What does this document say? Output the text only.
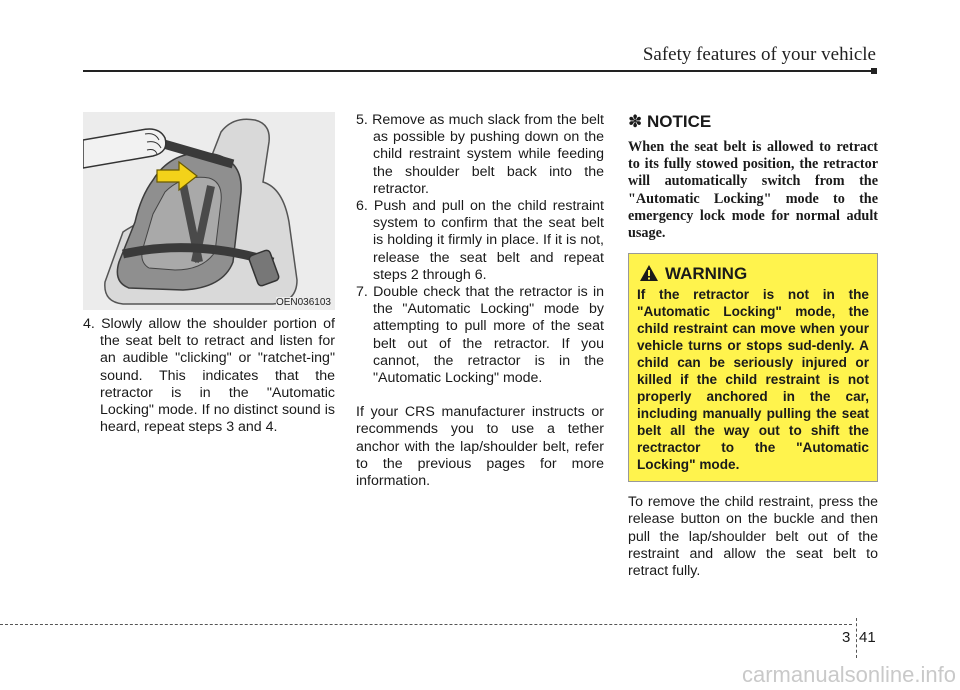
Safety features of your vehicle
OEN036103

4. Slowly allow the shoulder portion of the seat belt to retract and listen for an audible "clicking" or "ratchet-ing" sound. This indicates that the retractor is in the "Automatic Locking" mode. If no distinct sound is heard, repeat steps 3 and 4.

5. Remove as much slack from the belt as possible by pushing down on the child restraint system while feeding the shoulder belt back into the retractor.

6. Push and pull on the child restraint system to confirm that the seat belt is holding it firmly in place. If it is not, release the seat belt and repeat steps 2 through 6.

7. Double check that the retractor is in the "Automatic Locking" mode by attempting to pull more of the seat belt out of the retractor. If you cannot, the retractor is in the "Automatic Locking" mode.

If your CRS manufacturer instructs or recommends you to use a tether anchor with the lap/shoulder belt, refer to the previous pages for more information.

✽ NOTICE

When the seat belt is allowed to retract to its fully stowed position, the retractor will automatically switch from the "Automatic Locking" mode to the emergency lock mode for normal adult usage.

WARNING

If the retractor is not in the "Automatic Locking" mode, the child restraint can move when your vehicle turns or stops sud-denly. A child can be seriously injured or killed if the child restraint is not properly anchored in the car, including manually pulling the seat belt all the way out to shift the rectractor to the "Automatic Locking" mode.

To remove the child restraint, press the release button on the buckle and then pull the lap/shoulder belt out of the restraint and allow the seat belt to retract fully.

3 41
carmanualsonline.info
